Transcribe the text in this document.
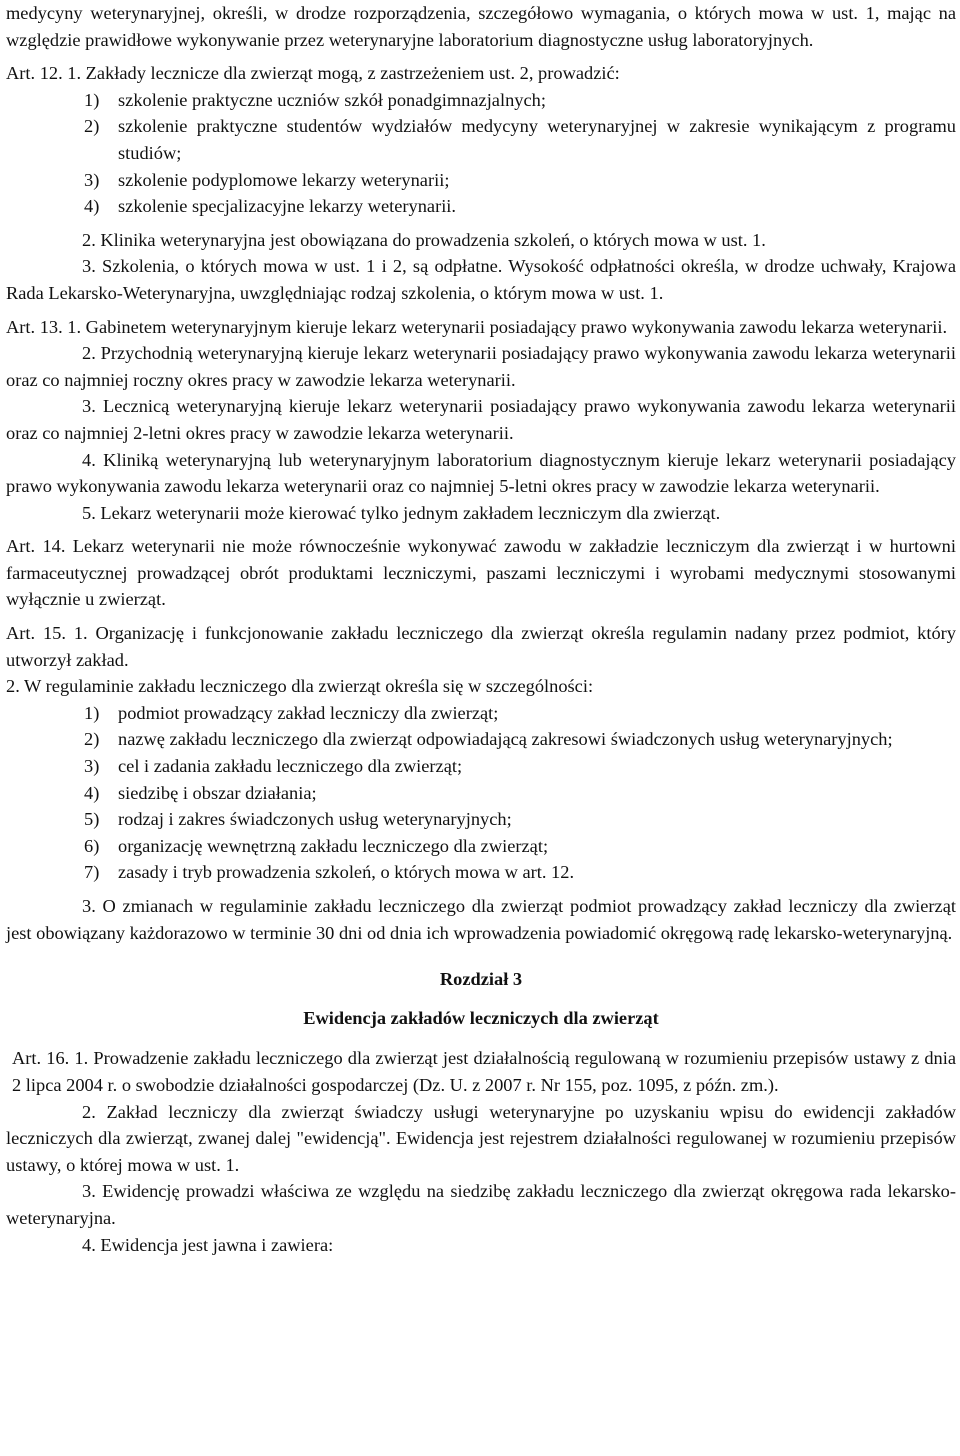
medycyny weterynaryjnej, określi, w drodze rozporządzenia, szczegółowo wymagania, o których mowa w ust. 1, mając na względzie prawidłowe wykonywanie przez weterynaryjne laboratorium diagnostyczne usług laboratoryjnych.

Art. 12. 1. Zakłady lecznicze dla zwierząt mogą, z zastrzeżeniem ust. 2, prowadzić:

1)	szkolenie praktyczne uczniów szkół ponadgimnazjalnych;
2)	szkolenie praktyczne studentów wydziałów medycyny weterynaryjnej w zakresie wynikającym z programu studiów;
3)	szkolenie podyplomowe lekarzy weterynarii;
4)	szkolenie specjalizacyjne lekarzy weterynarii.

2. Klinika weterynaryjna jest obowiązana do prowadzenia szkoleń, o których mowa w ust. 1.

3. Szkolenia, o których mowa w ust. 1 i 2, są odpłatne. Wysokość odpłatności określa, w drodze uchwały, Krajowa Rada Lekarsko-Weterynaryjna, uwzględniając rodzaj szkolenia, o którym mowa w ust. 1.

Art. 13. 1. Gabinetem weterynaryjnym kieruje lekarz weterynarii posiadający prawo wykonywania zawodu lekarza weterynarii.

2. Przychodnią weterynaryjną kieruje lekarz weterynarii posiadający prawo wykonywania zawodu lekarza weterynarii oraz co najmniej roczny okres pracy w zawodzie lekarza weterynarii.

3. Lecznicą weterynaryjną kieruje lekarz weterynarii posiadający prawo wykonywania zawodu lekarza weterynarii oraz co najmniej 2-letni okres pracy w zawodzie lekarza weterynarii.

4. Kliniką weterynaryjną lub weterynaryjnym laboratorium diagnostycznym kieruje lekarz weterynarii posiadający prawo wykonywania zawodu lekarza weterynarii oraz co najmniej 5-letni okres pracy w zawodzie lekarza weterynarii.

5. Lekarz weterynarii może kierować tylko jednym zakładem leczniczym dla zwierząt.

Art. 14. Lekarz weterynarii nie może równocześnie wykonywać zawodu w zakładzie leczniczym dla zwierząt i w hurtowni farmaceutycznej prowadzącej obrót produktami leczniczymi, paszami leczniczymi i wyrobami medycznymi stosowanymi wyłącznie u zwierząt.

Art. 15. 1. Organizację i funkcjonowanie zakładu leczniczego dla zwierząt określa regulamin nadany przez podmiot, który utworzył zakład.

2. W regulaminie zakładu leczniczego dla zwierząt określa się w szczególności:

1)	podmiot prowadzący zakład leczniczy dla zwierząt;
2)	nazwę zakładu leczniczego dla zwierząt odpowiadającą zakresowi świadczonych usług weterynaryjnych;
3)	cel i zadania zakładu leczniczego dla zwierząt;
4)	siedzibę i obszar działania;
5)	rodzaj i zakres świadczonych usług weterynaryjnych;
6)	organizację wewnętrzną zakładu leczniczego dla zwierząt;
7)	zasady i tryb prowadzenia szkoleń, o których mowa w art. 12.

3. O zmianach w regulaminie zakładu leczniczego dla zwierząt podmiot prowadzący zakład leczniczy dla zwierząt jest obowiązany każdorazowo w terminie 30 dni od dnia ich wprowadzenia powiadomić okręgową radę lekarsko-weterynaryjną.

Rozdział 3

Ewidencja zakładów leczniczych dla zwierząt

Art. 16. 1. Prowadzenie zakładu leczniczego dla zwierząt jest działalnością regulowaną w rozumieniu przepisów ustawy z dnia 2 lipca 2004 r. o swobodzie działalności gospodarczej (Dz. U. z 2007 r. Nr 155, poz. 1095, z późn. zm.).

2. Zakład leczniczy dla zwierząt świadczy usługi weterynaryjne po uzyskaniu wpisu do ewidencji zakładów leczniczych dla zwierząt, zwanej dalej "ewidencją". Ewidencja jest rejestrem działalności regulowanej w rozumieniu przepisów ustawy, o której mowa w ust. 1.

3. Ewidencję prowadzi właściwa ze względu na siedzibę zakładu leczniczego dla zwierząt okręgowa rada lekarsko-weterynaryjna.

4. Ewidencja jest jawna i zawiera:
